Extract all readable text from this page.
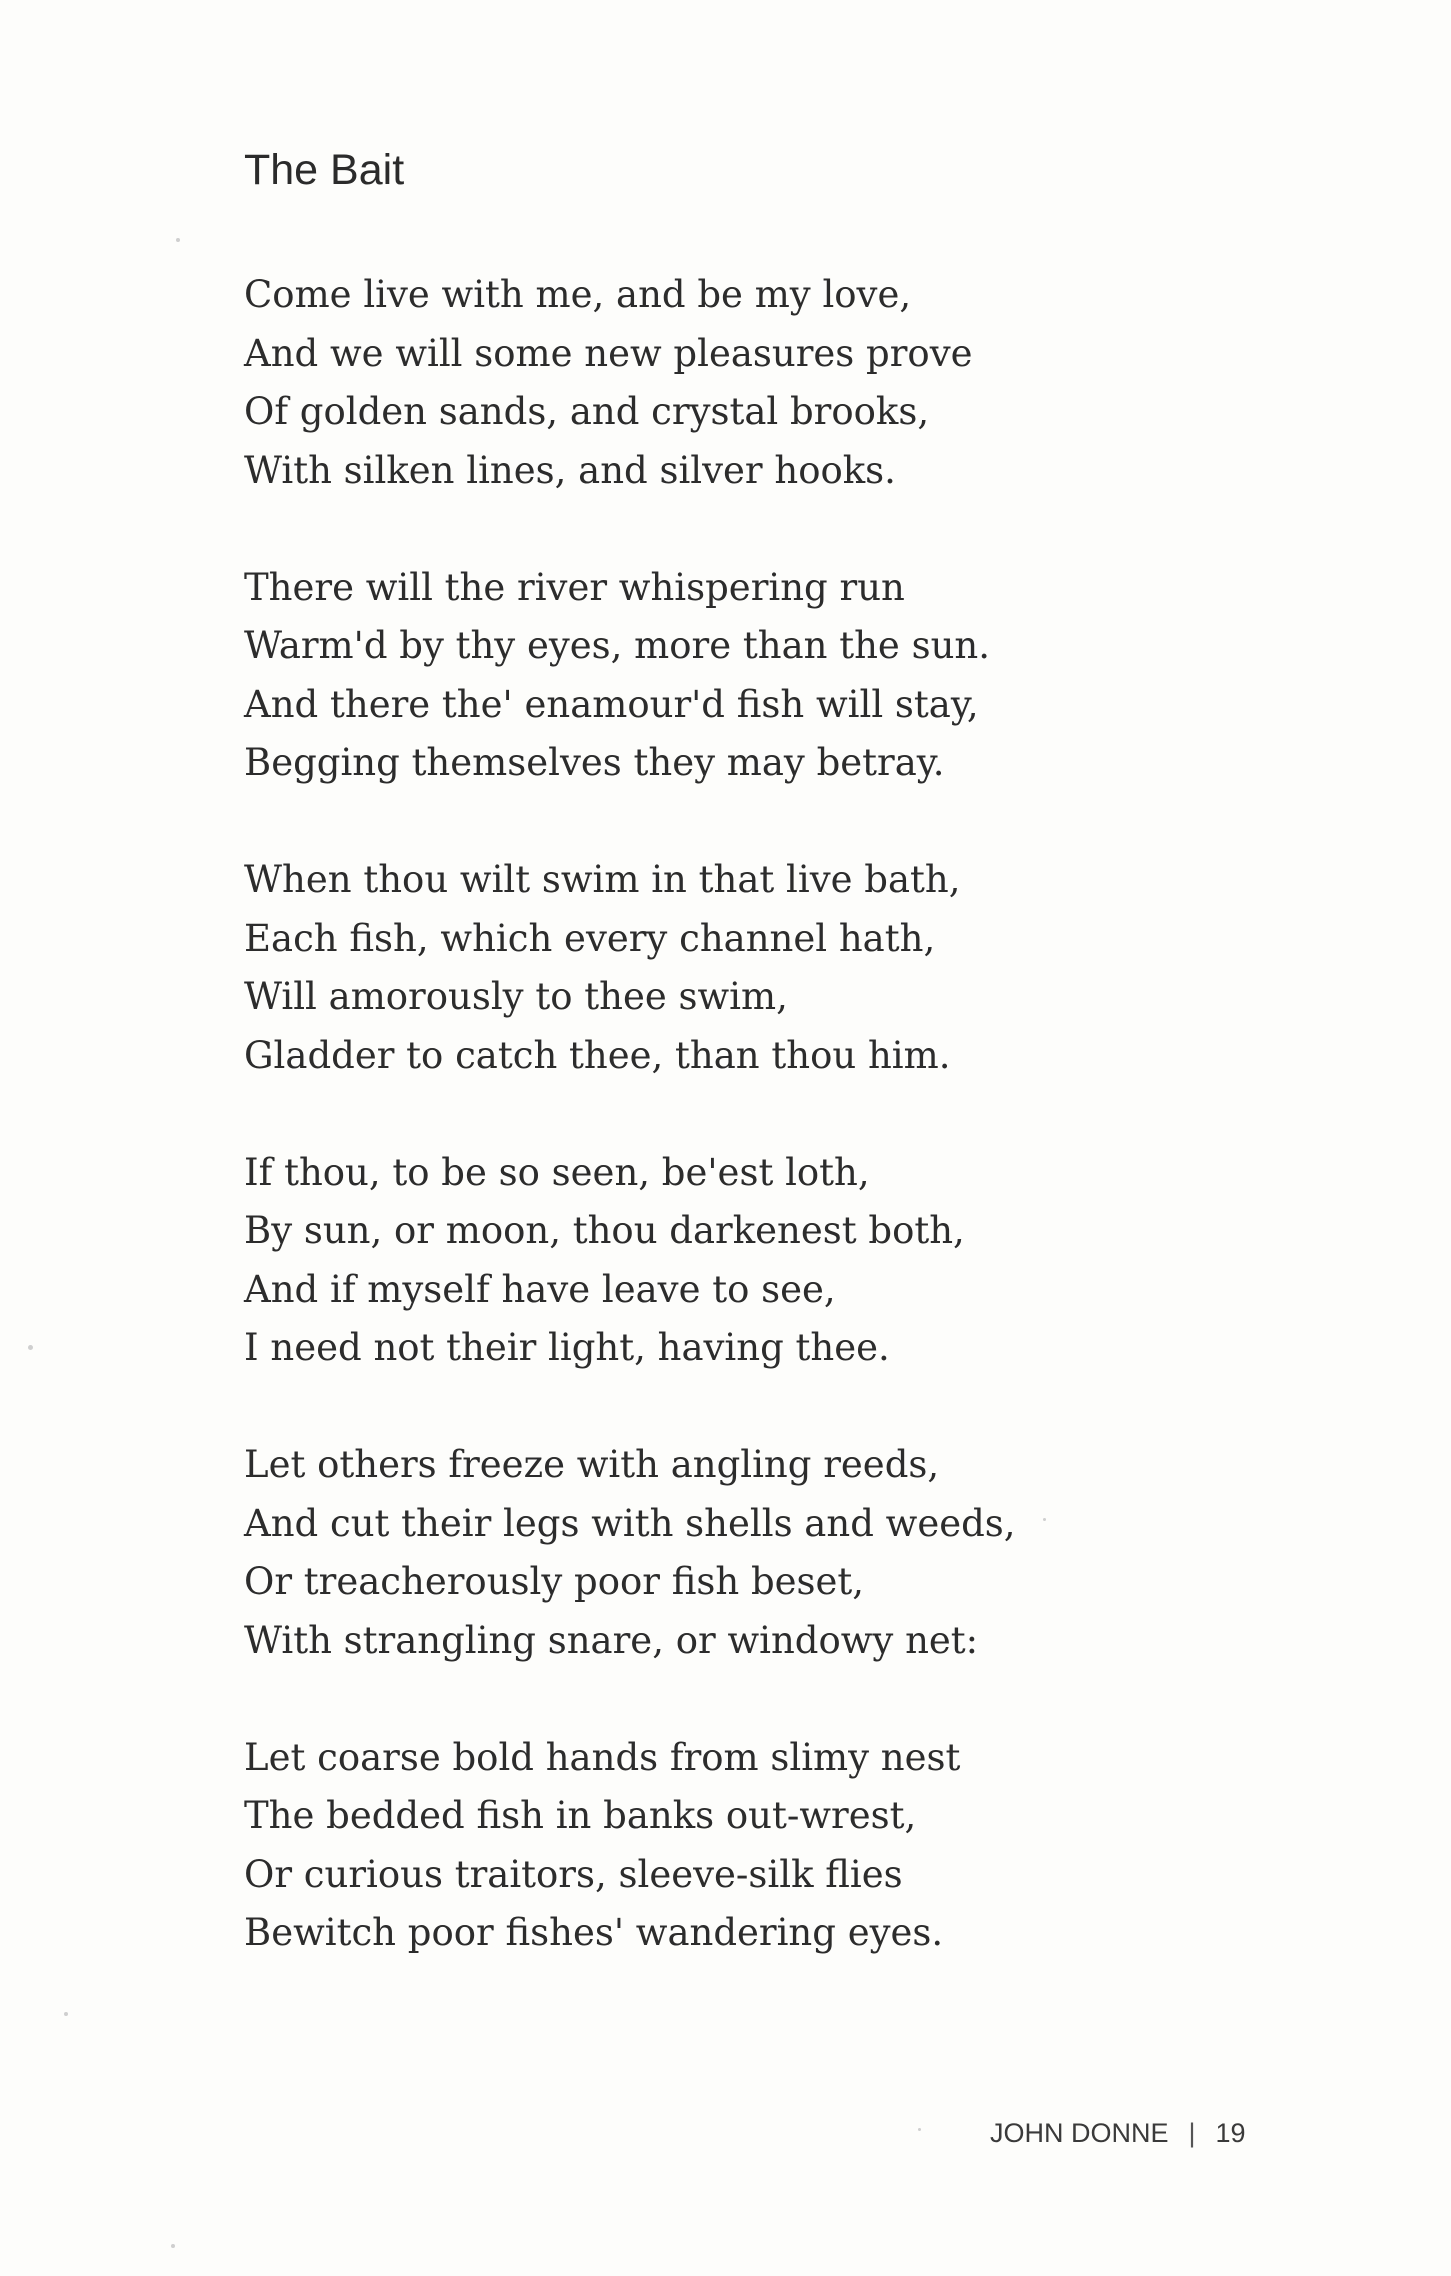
The Bait
Come live with me, and be my love,
And we will some new pleasures prove
Of golden sands, and crystal brooks,
With silken lines, and silver hooks.
There will the river whispering run
Warm'd by thy eyes, more than the sun.
And there the' enamour'd fish will stay,
Begging themselves they may betray.
When thou wilt swim in that live bath,
Each fish, which every channel hath,
Will amorously to thee swim,
Gladder to catch thee, than thou him.
If thou, to be so seen, be'est loth,
By sun, or moon, thou darkenest both,
And if myself have leave to see,
I need not their light, having thee.
Let others freeze with angling reeds,
And cut their legs with shells and weeds,
Or treacherously poor fish beset,
With strangling snare, or windowy net:
Let coarse bold hands from slimy nest
The bedded fish in banks out-wrest,
Or curious traitors, sleeve-silk flies
Bewitch poor fishes' wandering eyes.
JOHN DONNE | 19
